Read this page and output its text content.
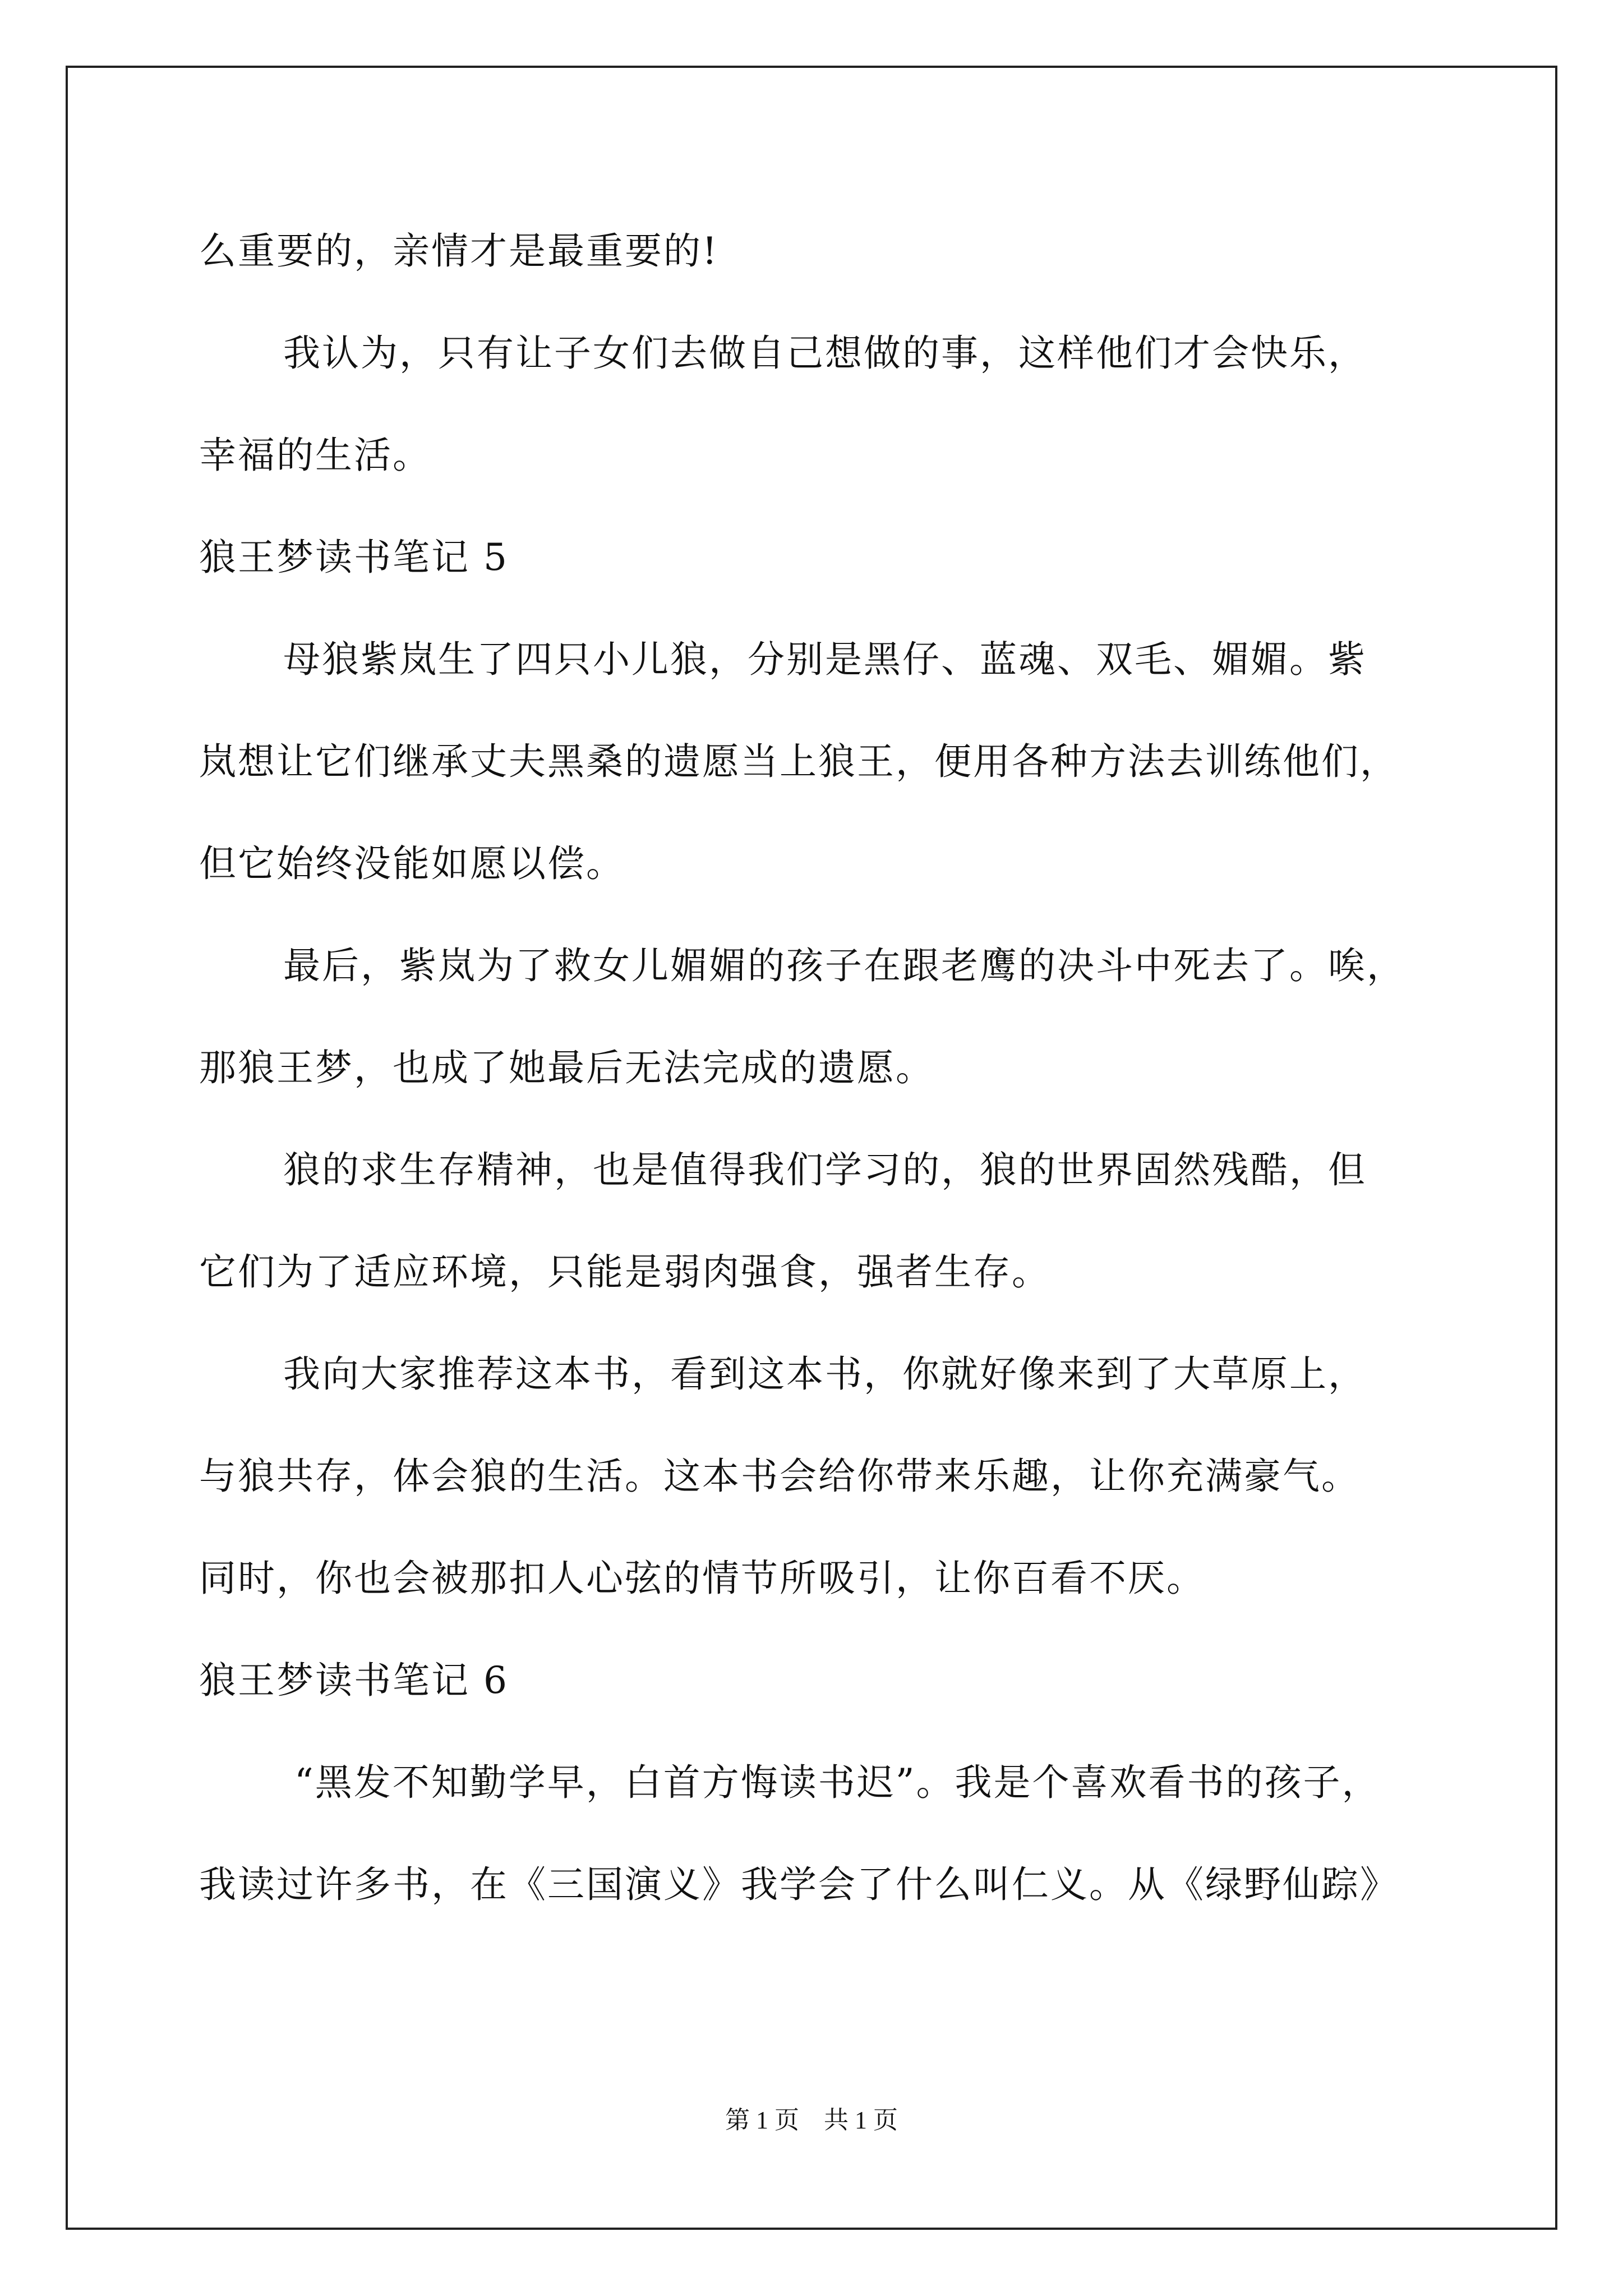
么重要的，亲情才是最重要的!
我认为，只有让子女们去做自己想做的事，这样他们才会快乐，
幸福的生活。
狼王梦读书笔记 5
母狼紫岚生了四只小儿狼，分别是黑仔、蓝魂、双毛、媚媚。紫
岚想让它们继承丈夫黑桑的遗愿当上狼王，便用各种方法去训练他们，
但它始终没能如愿以偿。
最后，紫岚为了救女儿媚媚的孩子在跟老鹰的决斗中死去了。唉，
那狼王梦，也成了她最后无法完成的遗愿。
狼的求生存精神，也是值得我们学习的，狼的世界固然残酷，但
它们为了适应环境，只能是弱肉强食，强者生存。
我向大家推荐这本书，看到这本书，你就好像来到了大草原上，
与狼共存，体会狼的生活。这本书会给你带来乐趣，让你充满豪气。
同时，你也会被那扣人心弦的情节所吸引，让你百看不厌。
狼王梦读书笔记 6
“黑发不知勤学早，白首方悔读书迟”。我是个喜欢看书的孩子，
我读过许多书，在《三国演义》我学会了什么叫仁义。从《绿野仙踪》
第 1 页　共 1 页
